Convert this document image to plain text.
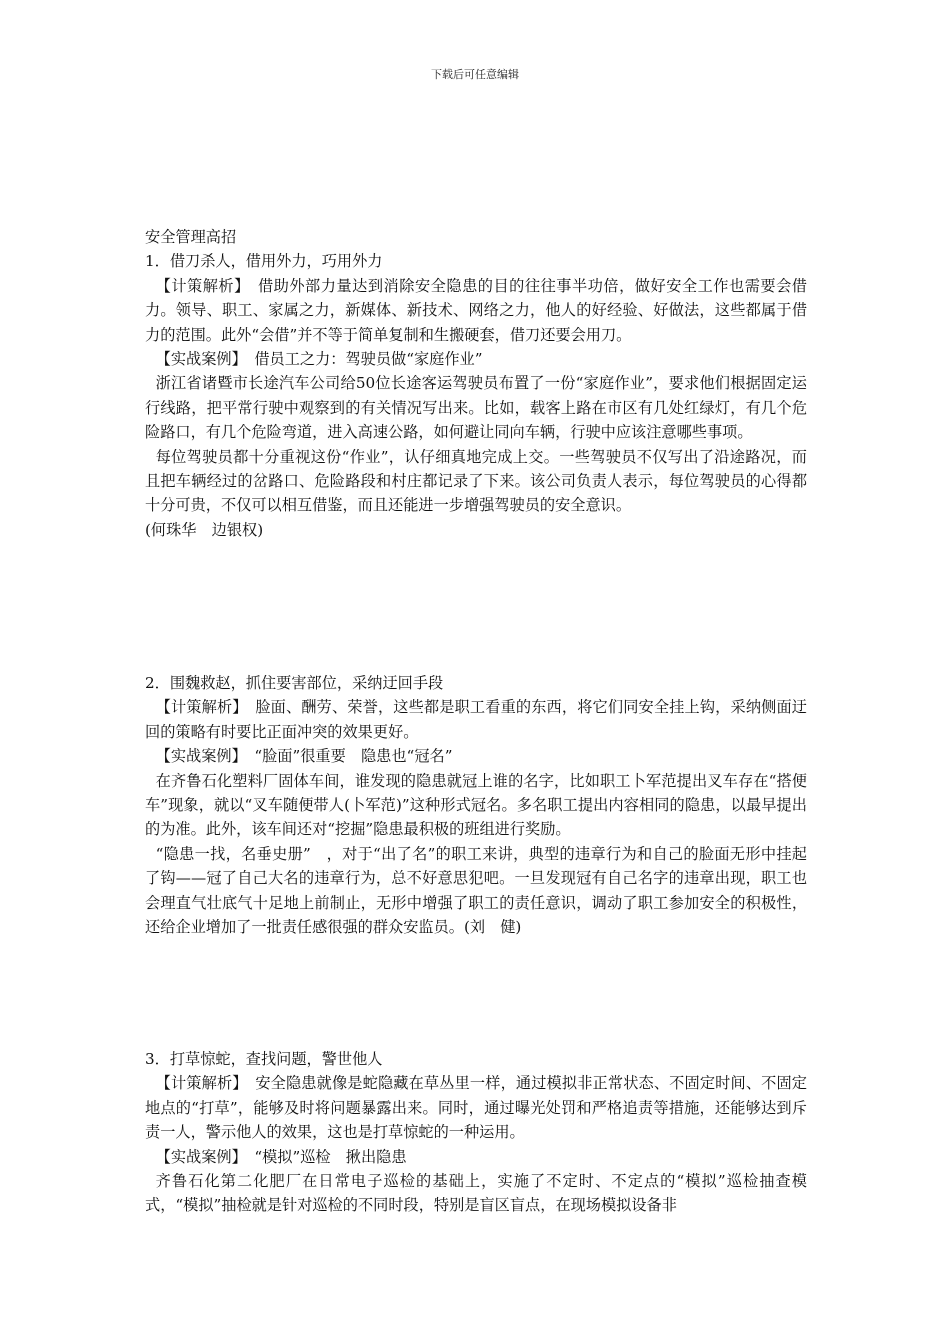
下载后可任意编辑

安全管理高招

1．借刀杀人，借用外力，巧用外力

【计策解析】　借助外部力量达到消除安全隐患的目的往往事半功倍，做好安全工作也需要会借力。领导、职工、家属之力，新媒体、新技术、网络之力，他人的好经验、好做法，这些都属于借力的范围。此外“会借”并不等于简单复制和生搬硬套，借刀还要会用刀。

【实战案例】　借员工之力：驾驶员做“家庭作业”

浙江省诸暨市长途汽车公司给50位长途客运驾驶员布置了一份“家庭作业”，要求他们根据固定运行线路，把平常行驶中观察到的有关情况写出来。比如，载客上路在市区有几处红绿灯，有几个危险路口，有几个危险弯道，进入高速公路，如何避让同向车辆，行驶中应该注意哪些事项。

每位驾驶员都十分重视这份“作业”，认仔细真地完成上交。一些驾驶员不仅写出了沿途路况，而且把车辆经过的岔路口、危险路段和村庄都记录了下来。该公司负责人表示，每位驾驶员的心得都十分可贵，不仅可以相互借鉴，而且还能进一步增强驾驶员的安全意识。

(何珠华　边银权)

2．围魏救赵，抓住要害部位，采纳迂回手段

【计策解析】　脸面、酬劳、荣誉，这些都是职工看重的东西，将它们同安全挂上钩，采纳侧面迂回的策略有时要比正面冲突的效果更好。

【实战案例】　“脸面”很重要　隐患也“冠名”

在齐鲁石化塑料厂固体车间，谁发现的隐患就冠上谁的名字，比如职工卜军范提出叉车存在“搭便车”现象，就以“叉车随便带人(卜军范)”这种形式冠名。多名职工提出内容相同的隐患，以最早提出的为准。此外，该车间还对“挖掘”隐患最积极的班组进行奖励。

“隐患一找，名垂史册”　，对于“出了名”的职工来讲，典型的违章行为和自己的脸面无形中挂起了钩——冠了自己大名的违章行为，总不好意思犯吧。一旦发现冠有自己名字的违章出现，职工也会理直气壮底气十足地上前制止，无形中增强了职工的责任意识，调动了职工参加安全的积极性，还给企业增加了一批责任感很强的群众安监员。(刘　健)

3．打草惊蛇，查找问题，警世他人

【计策解析】　安全隐患就像是蛇隐藏在草丛里一样，通过模拟非正常状态、不固定时间、不固定地点的“打草”，能够及时将问题暴露出来。同时，通过曝光处罚和严格追责等措施，还能够达到斥责一人，警示他人的效果，这也是打草惊蛇的一种运用。

【实战案例】　“模拟”巡检　揪出隐患

齐鲁石化第二化肥厂在日常电子巡检的基础上，实施了不定时、不定点的“模拟”巡检抽查模式，“模拟”抽检就是针对巡检的不同时段，特别是盲区盲点，在现场模拟设备非
